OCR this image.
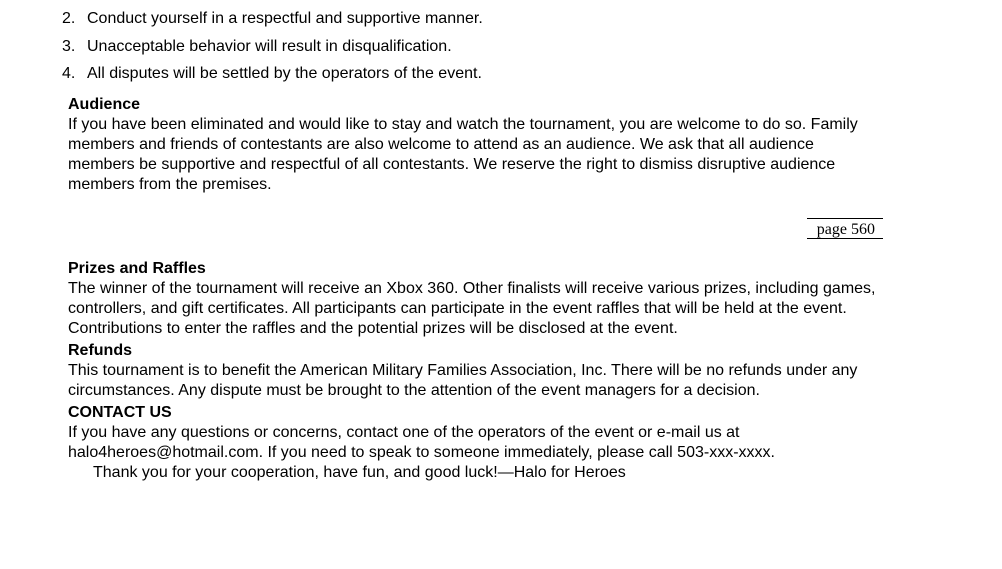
2. Conduct yourself in a respectful and supportive manner.
3. Unacceptable behavior will result in disqualification.
4. All disputes will be settled by the operators of the event.
Audience
If you have been eliminated and would like to stay and watch the tournament, you are welcome to do so. Family members and friends of contestants are also welcome to attend as an audience. We ask that all audience members be supportive and respectful of all contestants. We reserve the right to dismiss disruptive audience members from the premises.
Prizes and Raffles
The winner of the tournament will receive an Xbox 360. Other finalists will receive various prizes, including games, controllers, and gift certificates. All participants can participate in the event raffles that will be held at the event. Contributions to enter the raffles and the potential prizes will be disclosed at the event.
Refunds
This tournament is to benefit the American Military Families Association, Inc. There will be no refunds under any circumstances. Any dispute must be brought to the attention of the event managers for a decision.
CONTACT US
If you have any questions or concerns, contact one of the operators of the event or e-mail us at halo4heroes@hotmail.com. If you need to speak to someone immediately, please call 503-xxx-xxxx.
Thank you for your cooperation, have fun, and good luck!—Halo for Heroes
page 560
